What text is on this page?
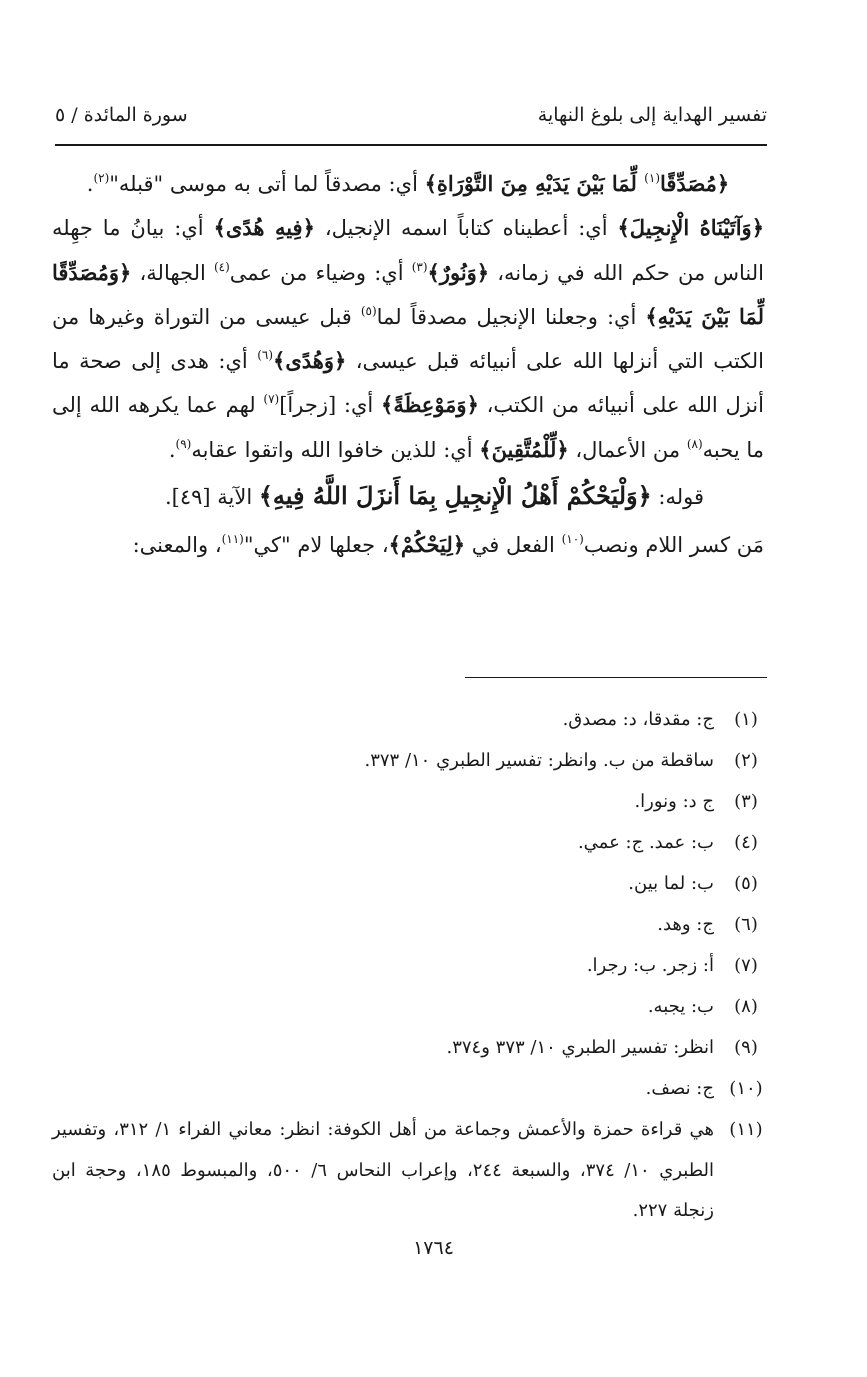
تفسير الهداية إلى بلوغ النهاية
سورة المائدة / ٥

﴿مُصَدِّقًا$^{(١)}$ لِّمَا بَيْنَ يَدَيْهِ مِنَ التَّوْرَاةِ﴾ أي: مصدقاً لما أتى به موسى "قبله"$^{(٢)}$.

﴿وَآتَيْنَاهُ الْإِنجِيلَ﴾ أي: أعطيناه كتاباً اسمه الإنجيل، ﴿فِيهِ هُدًى﴾ أي: بيانُ ما جهِله الناس من حكم الله في زمانه، ﴿وَنُورٌ﴾$^{(٣)}$ أي: وضياء من عمى$^{(٤)}$ الجهالة، ﴿وَمُصَدِّقًا لِّمَا بَيْنَ يَدَيْهِ﴾ أي: وجعلنا الإنجيل مصدقاً لما$^{(٥)}$ قبل عيسى من التوراة وغيرها من الكتب التي أنزلها الله على أنبيائه قبل عيسى، ﴿وَهُدًى﴾$^{(٦)}$ أي: هدى إلى صحة ما أنزل الله على أنبيائه من الكتب، ﴿وَمَوْعِظَةً﴾ أي: [زجراً]$^{(٧)}$ لهم عما يكرهه الله إلى ما يحبه$^{(٨)}$ من الأعمال، ﴿لِّلْمُتَّقِينَ﴾ أي: للذين خافوا الله واتقوا عقابه$^{(٩)}$.

قوله: ﴿وَلْيَحْكُمْ أَهْلُ الْإِنجِيلِ بِمَا أَنزَلَ اللَّهُ فِيهِ﴾ الآية [٤٩].

مَن كسر اللام ونصب$^{(١٠)}$ الفعل في ﴿لِيَحْكُمْ﴾، جعلها لام "كي"$^{(١١)}$، والمعنى:

(١)
ج: مقدقا، د: مصدق.
(٢)
ساقطة من ب. وانظر: تفسير الطبري ١٠/ ٣٧٣.
(٣)
ج د: ونورا.
(٤)
ب: عمد. ج: عمي.
(٥)
ب: لما بين.
(٦)
ج: وهد.
(٧)
أ: زجر. ب: رجرا.
(٨)
ب: يجبه.
(٩)
انظر: تفسير الطبري ١٠/ ٣٧٣ و٣٧٤.
(١٠)
ج: نصف.
(١١)
هي قراءة حمزة والأعمش وجماعة من أهل الكوفة: انظر: معاني الفراء ١/ ٣١٢، وتفسير الطبري ١٠/ ٣٧٤، والسبعة ٢٤٤، وإعراب النحاس ٦/ ٥٠٠، والمبسوط ١٨٥، وحجة ابن زنجلة ٢٢٧.
١٧٦٤
